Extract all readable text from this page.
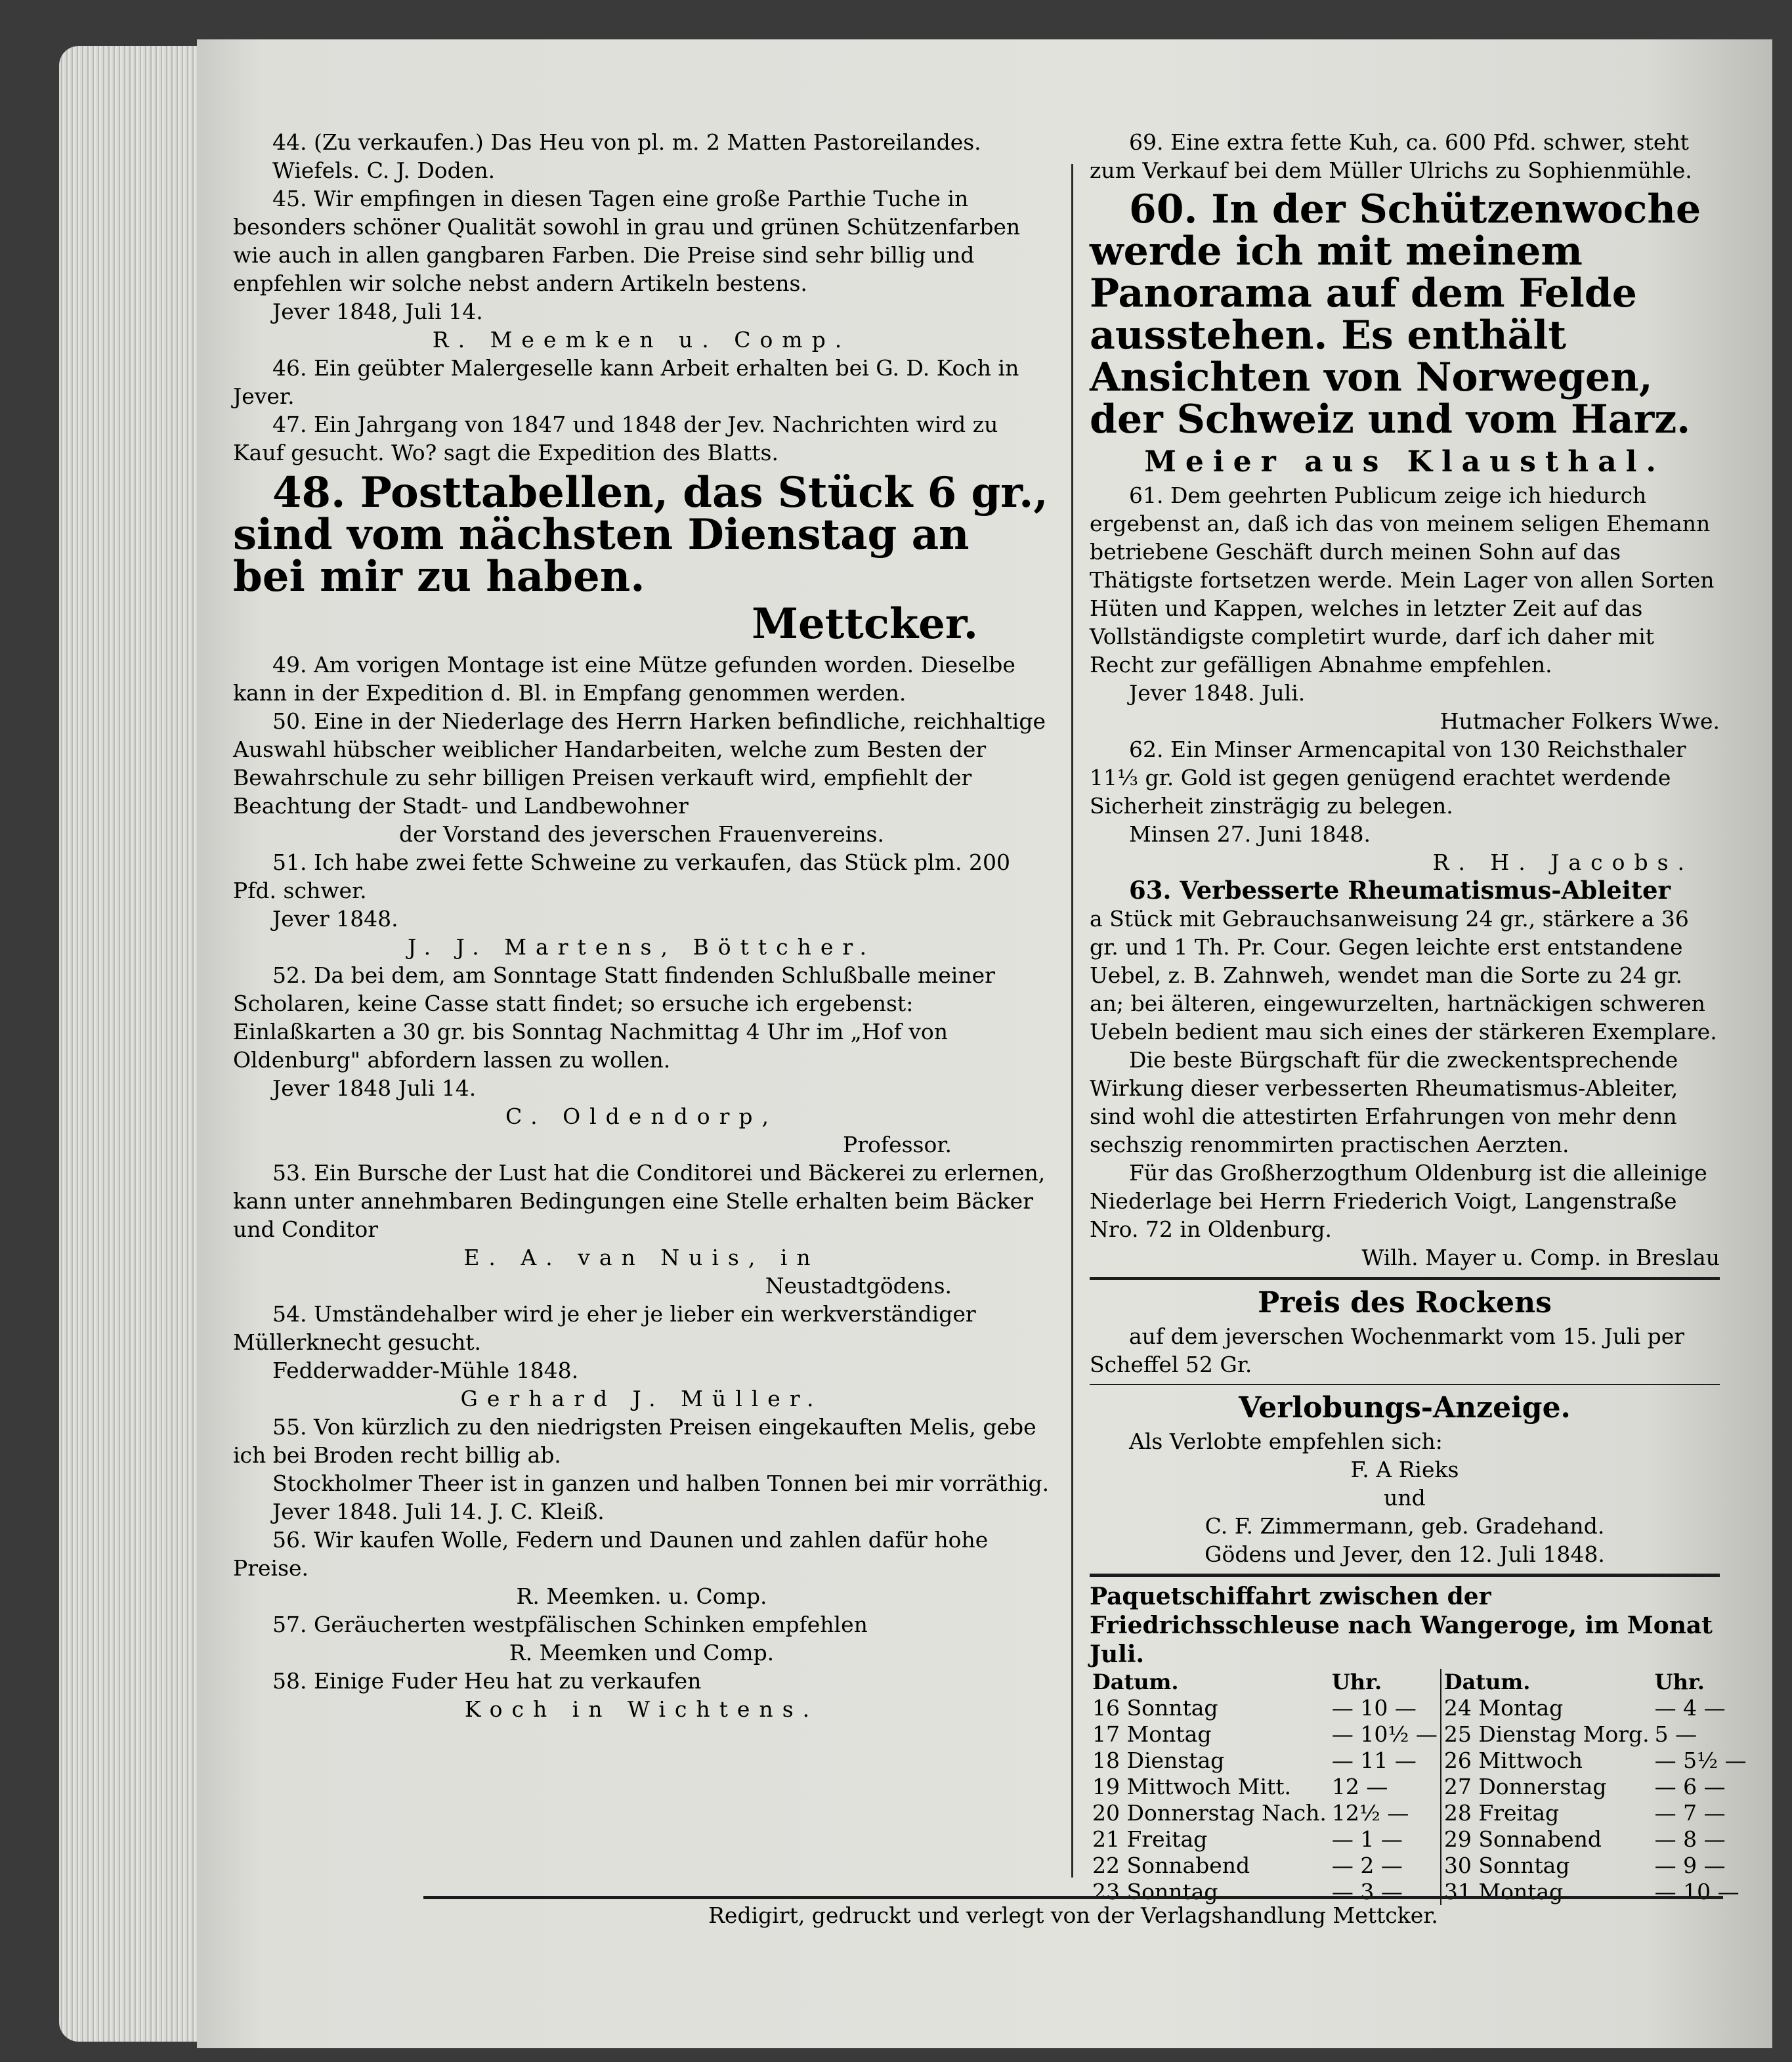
44. (Zu verkaufen.) Das Heu von pl. m. 2 Matten Pastoreilandes.

Wiefels. C. J. Doden.

45. Wir empfingen in diesen Tagen eine große Parthie Tuche in besonders schöner Qualität sowohl in grau und grünen Schützenfarben wie auch in allen gangbaren Farben. Die Preise sind sehr billig und enpfehlen wir solche nebst andern Artikeln bestens.

Jever 1848, Juli 14.

R. Meemken u. Comp.

46. Ein geübter Malergeselle kann Arbeit erhalten bei G. D. Koch in Jever.

47. Ein Jahrgang von 1847 und 1848 der Jev. Nachrichten wird zu Kauf gesucht. Wo? sagt die Expedition des Blatts.

48. Posttabellen, das Stück 6 gr., sind vom nächsten Dienstag an bei mir zu haben.

Mettcker.

49. Am vorigen Montage ist eine Mütze gefunden worden. Dieselbe kann in der Expedition d. Bl. in Empfang genommen werden.

50. Eine in der Niederlage des Herrn Harken befindliche, reichhaltige Auswahl hübscher weiblicher Handarbeiten, welche zum Besten der Bewahrschule zu sehr billigen Preisen verkauft wird, empfiehlt der Beachtung der Stadt- und Landbewohner

der Vorstand des jeverschen Frauenvereins.

51. Ich habe zwei fette Schweine zu verkaufen, das Stück plm. 200 Pfd. schwer.

Jever 1848.

J. J. Martens, Böttcher.

52. Da bei dem, am Sonntage Statt findenden Schlußballe meiner Scholaren, keine Casse statt findet; so ersuche ich ergebenst: Einlaßkarten a 30 gr. bis Sonntag Nachmittag 4 Uhr im „Hof von Oldenburg" abfordern lassen zu wollen.

Jever 1848 Juli 14.

C. Oldendorp,

Professor.

53. Ein Bursche der Lust hat die Conditorei und Bäckerei zu erlernen, kann unter annehmbaren Bedingungen eine Stelle erhalten beim Bäcker und Conditor

E. A. van Nuis, in

Neustadtgödens.

54. Umständehalber wird je eher je lieber ein werkverständiger Müllerknecht gesucht.

Fedderwadder-Mühle 1848.

Gerhard J. Müller.

55. Von kürzlich zu den niedrigsten Preisen eingekauften Melis, gebe ich bei Broden recht billig ab.

Stockholmer Theer ist in ganzen und halben Tonnen bei mir vorräthig.

Jever 1848. Juli 14. J. C. Kleiß.

56. Wir kaufen Wolle, Federn und Daunen und zahlen dafür hohe Preise.

R. Meemken. u. Comp.

57. Geräucherten westpfälischen Schinken empfehlen

R. Meemken und Comp.

58. Einige Fuder Heu hat zu verkaufen

Koch in Wichtens.

69. Eine extra fette Kuh, ca. 600 Pfd. schwer, steht zum Verkauf bei dem Müller Ulrichs zu Sophienmühle.

60. In der Schützenwoche werde ich mit meinem Panorama auf dem Felde ausstehen. Es enthält Ansichten von Norwegen, der Schweiz und vom Harz.

Meier aus Klausthal.

61. Dem geehrten Publicum zeige ich hiedurch ergebenst an, daß ich das von meinem seligen Ehemann betriebene Geschäft durch meinen Sohn auf das Thätigste fortsetzen werde. Mein Lager von allen Sorten Hüten und Kappen, welches in letzter Zeit auf das Vollständigste completirt wurde, darf ich daher mit Recht zur gefälligen Abnahme empfehlen.

Jever 1848. Juli.

Hutmacher Folkers Wwe.

62. Ein Minser Armencapital von 130 Reichsthaler 11⅓ gr. Gold ist gegen genügend erachtet werdende Sicherheit zinsträgig zu belegen.

Minsen 27. Juni 1848.

R. H. Jacobs.

63. Verbesserte Rheumatismus-Ableiter

a Stück mit Gebrauchsanweisung 24 gr., stärkere a 36 gr. und 1 Th. Pr. Cour. Gegen leichte erst entstandene Uebel, z. B. Zahnweh, wendet man die Sorte zu 24 gr. an; bei älteren, eingewurzelten, hartnäckigen schweren Uebeln bedient mau sich eines der stärkeren Exemplare.

Die beste Bürgschaft für die zweckentsprechende Wirkung dieser verbesserten Rheumatismus-Ableiter, sind wohl die attestirten Erfahrungen von mehr denn sechszig renommirten practischen Aerzten.

Für das Großherzogthum Oldenburg ist die alleinige Niederlage bei Herrn Friederich Voigt, Langenstraße Nro. 72 in Oldenburg.

Wilh. Mayer u. Comp. in Breslau

Preis des Rockens

auf dem jeverschen Wochenmarkt vom 15. Juli per Scheffel 52 Gr.

Verlobungs-Anzeige.

Als Verlobte empfehlen sich:

F. A Rieks

und

C. F. Zimmermann, geb. Gradehand.

Gödens und Jever, den 12. Juli 1848.

Paquetschiffahrt zwischen der Friedrichsschleuse nach Wangeroge, im Monat Juli.

Datum.	Uhr.	Datum.	Uhr.
16 Sonntag	— 10 —	24 Montag	— 4 —
17 Montag	— 10½ —	25 Dienstag Morg.	5 —
18 Dienstag	— 11 —	26 Mittwoch	— 5½ —
19 Mittwoch Mitt.	12 —	27 Donnerstag	— 6 —
20 Donnerstag Nach.	12½ —	28 Freitag	— 7 —
21 Freitag	— 1 —	29 Sonnabend	— 8 —
22 Sonnabend	— 2 —	30 Sonntag	— 9 —
23 Sonntag	— 3 —	31 Montag	— 10 —
Redigirt, gedruckt und verlegt von der Verlagshandlung Mettcker.
